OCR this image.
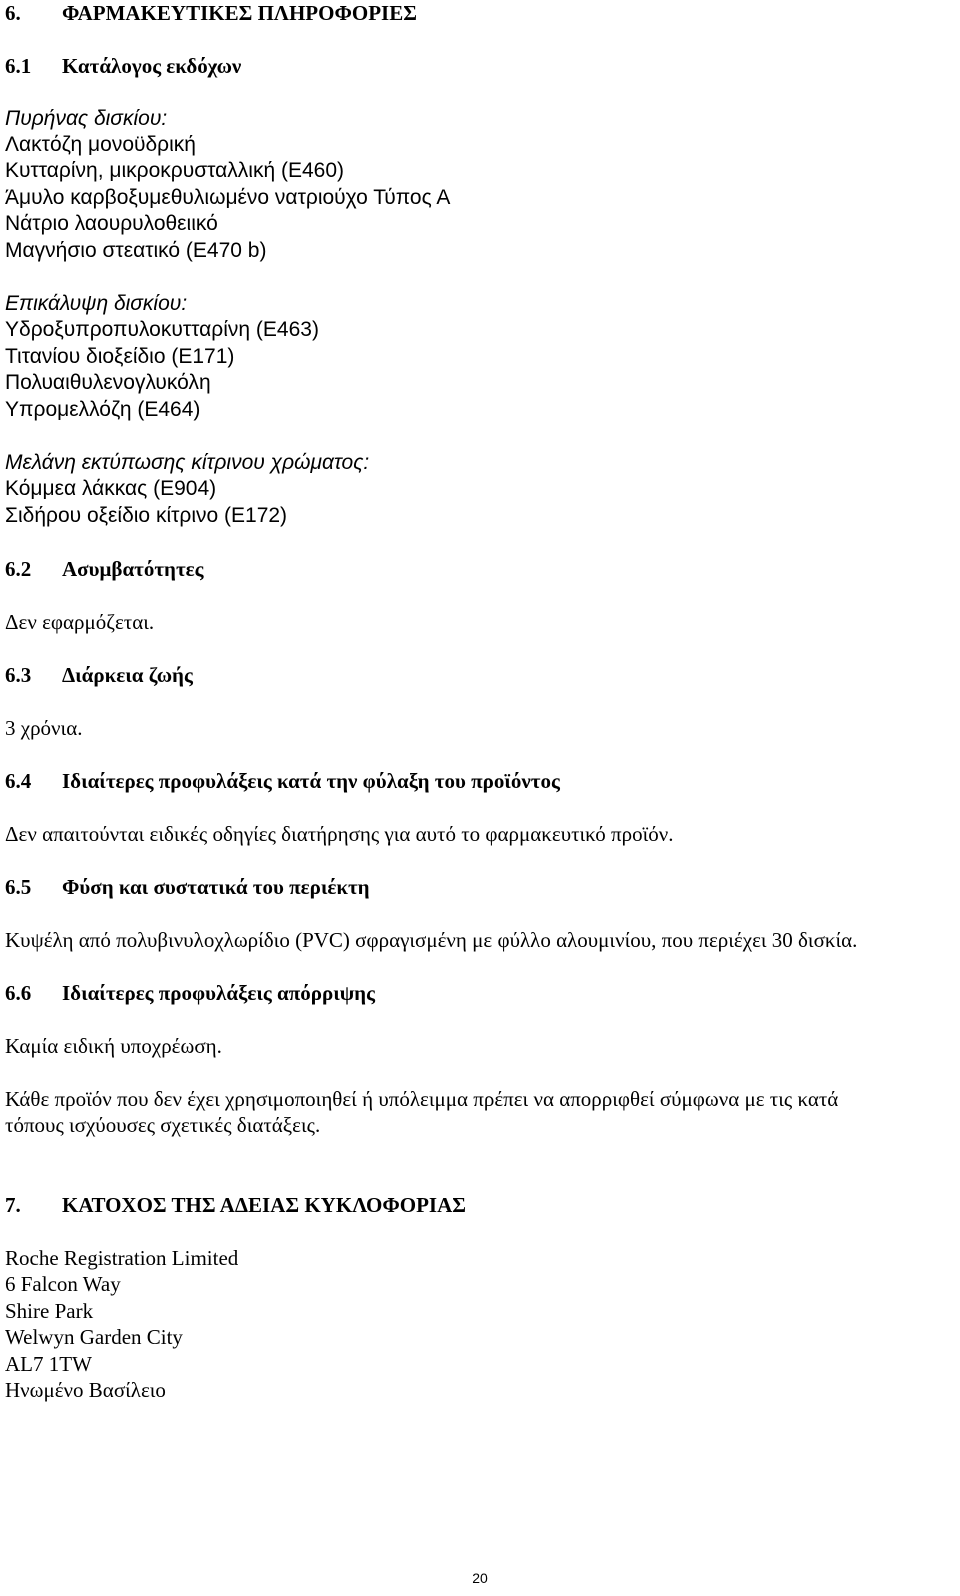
6. ΦΑΡΜΑΚΕΥΤΙΚΕΣ ΠΛΗΡΟΦΟΡΙΕΣ
6.1 Κατάλογος εκδόχων
Πυρήνας δισκίου:
Λακτόζη μονοϋδρική
Κυτταρίνη, μικροκρυσταλλική (E460)
Άμυλο καρβοξυμεθυλιωμένο νατριούχο Τύπος Α
Νάτριο λαουρυλοθειικό
Μαγνήσιο στεατικό (E470 b)
Επικάλυψη δισκίου:
Υδροξυπροπυλοκυτταρίνη (E463)
Τιτανίου διοξείδιο (E171)
Πολυαιθυλενογλυκόλη
Υπρομελλόζη (E464)
Μελάνη εκτύπωσης κίτρινου χρώματος:
Κόμμεα λάκκας (E904)
Σιδήρου οξείδιο κίτρινο (E172)
6.2 Ασυμβατότητες
Δεν εφαρμόζεται.
6.3 Διάρκεια ζωής
3 χρόνια.
6.4 Ιδιαίτερες προφυλάξεις κατά την φύλαξη του προϊόντος
Δεν απαιτούνται ειδικές οδηγίες διατήρησης για αυτό το φαρμακευτικό προϊόν.
6.5 Φύση και συστατικά του περιέκτη
Κυψέλη από πολυβινυλοχλωρίδιο (PVC) σφραγισμένη με φύλλο αλουμινίου, που περιέχει 30 δισκία.
6.6 Ιδιαίτερες προφυλάξεις απόρριψης
Καμία ειδική υποχρέωση.
Κάθε προϊόν που δεν έχει χρησιμοποιηθεί ή υπόλειμμα πρέπει να απορριφθεί σύμφωνα με τις κατά
τόπους ισχύουσες σχετικές διατάξεις.
7. ΚΑΤΟΧΟΣ ΤΗΣ ΑΔΕΙΑΣ ΚΥΚΛΟΦΟΡΙΑΣ
Roche Registration Limited
6 Falcon Way
Shire Park
Welwyn Garden City
AL7 1TW
Ηνωμένο Βασίλειο
20
